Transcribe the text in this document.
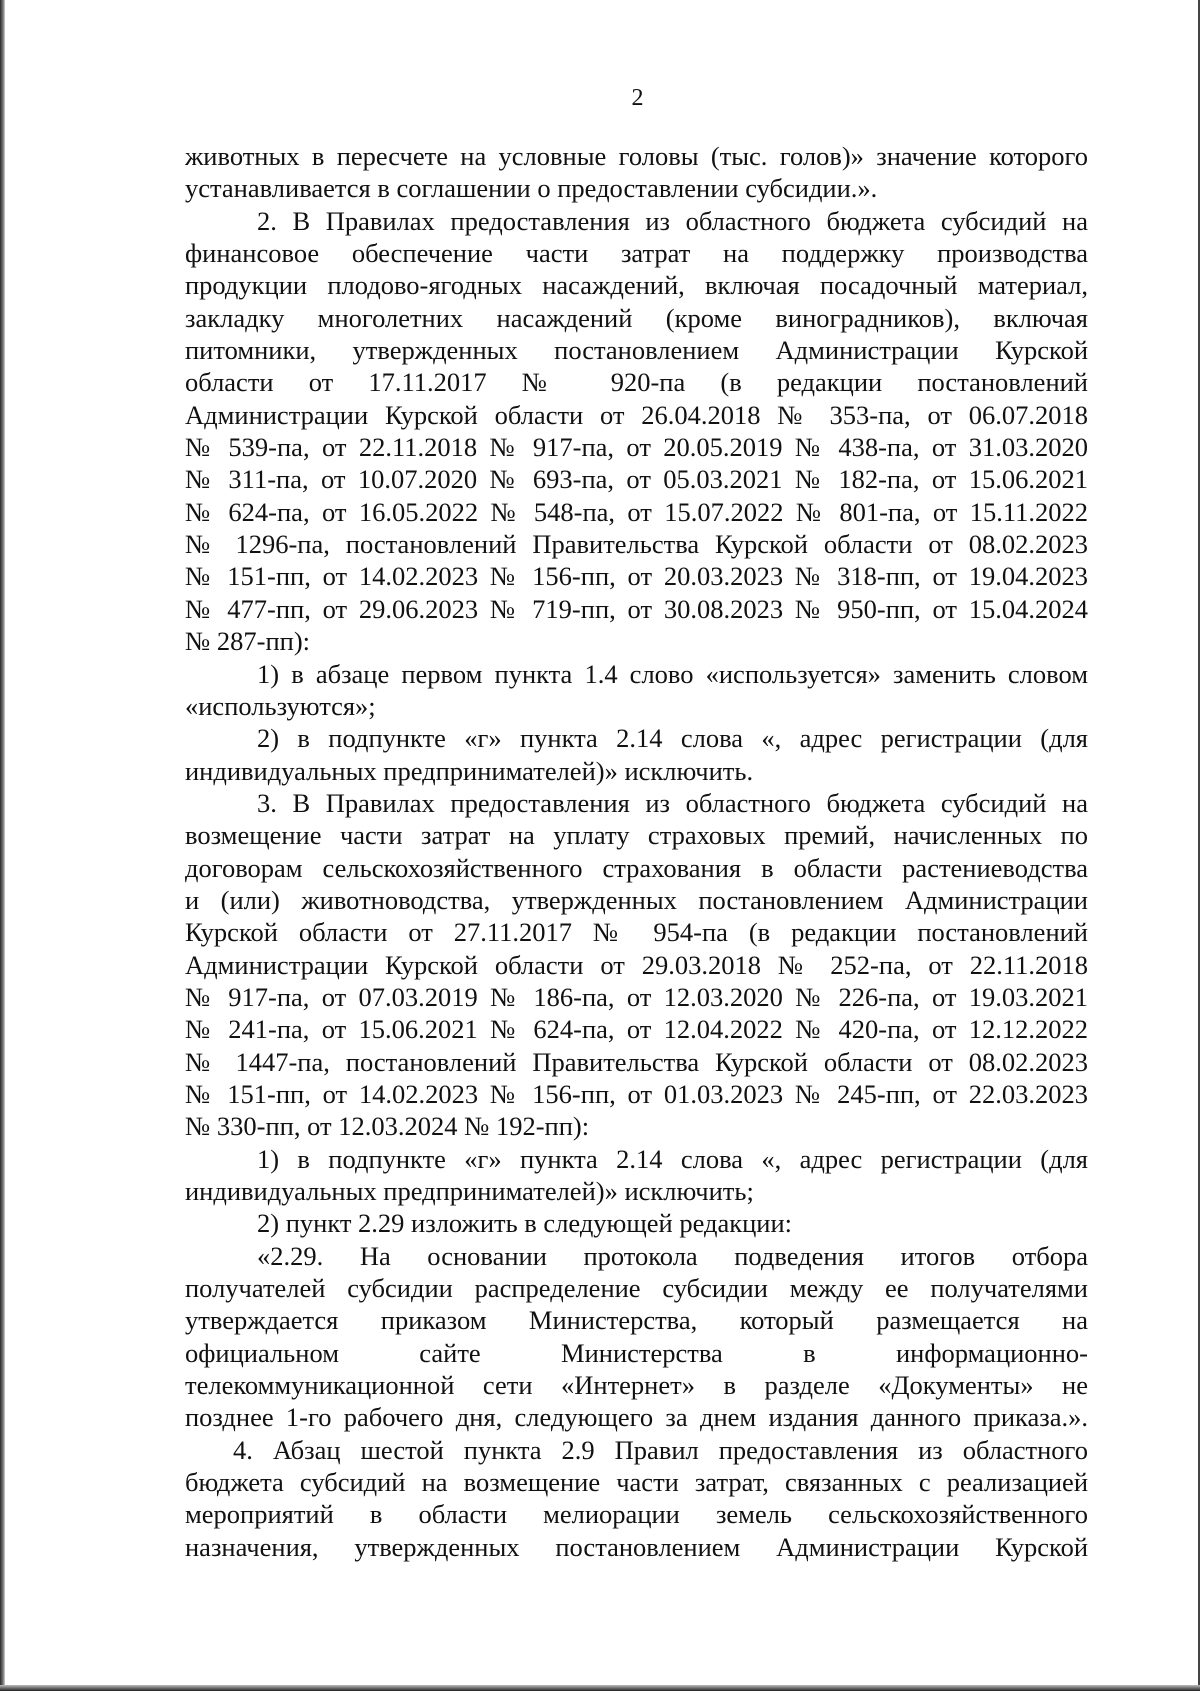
2
животных в пересчете на условные головы (тыс. голов)» значение которого
устанавливается в соглашении о предоставлении субсидии.».
2. В Правилах предоставления из областного бюджета субсидий на
финансовое обеспечение части затрат на поддержку производства
продукции плодово-ягодных насаждений, включая посадочный материал,
закладку многолетних насаждений (кроме виноградников), включая
питомники, утвержденных постановлением Администрации Курской
области от 17.11.2017 № 920-па (в редакции постановлений
Администрации Курской области от 26.04.2018 № 353-па, от 06.07.2018
№ 539-па, от 22.11.2018 № 917-па, от 20.05.2019 № 438-па, от 31.03.2020
№ 311-па, от 10.07.2020 № 693-па, от 05.03.2021 № 182-па, от 15.06.2021
№ 624-па, от 16.05.2022 № 548-па, от 15.07.2022 № 801-па, от 15.11.2022
№ 1296-па, постановлений Правительства Курской области от 08.02.2023
№ 151-пп, от 14.02.2023 № 156-пп, от 20.03.2023 № 318-пп, от 19.04.2023
№ 477-пп, от 29.06.2023 № 719-пп, от 30.08.2023 № 950-пп, от 15.04.2024
№ 287-пп):
1) в абзаце первом пункта 1.4 слово «используется» заменить словом
«используются»;
2) в подпункте «г» пункта 2.14 слова «, адрес регистрации (для
индивидуальных предпринимателей)» исключить.
3. В Правилах предоставления из областного бюджета субсидий на
возмещение части затрат на уплату страховых премий, начисленных по
договорам сельскохозяйственного страхования в области растениеводства
и (или) животноводства, утвержденных постановлением Администрации
Курской области от 27.11.2017 № 954-па (в редакции постановлений
Администрации Курской области от 29.03.2018 № 252-па, от 22.11.2018
№ 917-па, от 07.03.2019 № 186-па, от 12.03.2020 № 226-па, от 19.03.2021
№ 241-па, от 15.06.2021 № 624-па, от 12.04.2022 № 420-па, от 12.12.2022
№ 1447-па, постановлений Правительства Курской области от 08.02.2023
№ 151-пп, от 14.02.2023 № 156-пп, от 01.03.2023 № 245-пп, от 22.03.2023
№ 330-пп, от 12.03.2024 № 192-пп):
1) в подпункте «г» пункта 2.14 слова «, адрес регистрации (для
индивидуальных предпринимателей)» исключить;
2) пункт 2.29 изложить в следующей редакции:
«2.29. На основании протокола подведения итогов отбора
получателей субсидии распределение субсидии между ее получателями
утверждается приказом Министерства, который размещается на
официальном сайте Министерства в информационно-
телекоммуникационной сети «Интернет» в разделе «Документы» не
позднее 1-го рабочего дня, следующего за днем издания данного приказа.».
4. Абзац шестой пункта 2.9 Правил предоставления из областного
бюджета субсидий на возмещение части затрат, связанных с реализацией
мероприятий в области мелиорации земель сельскохозяйственного
назначения, утвержденных постановлением Администрации Курской
